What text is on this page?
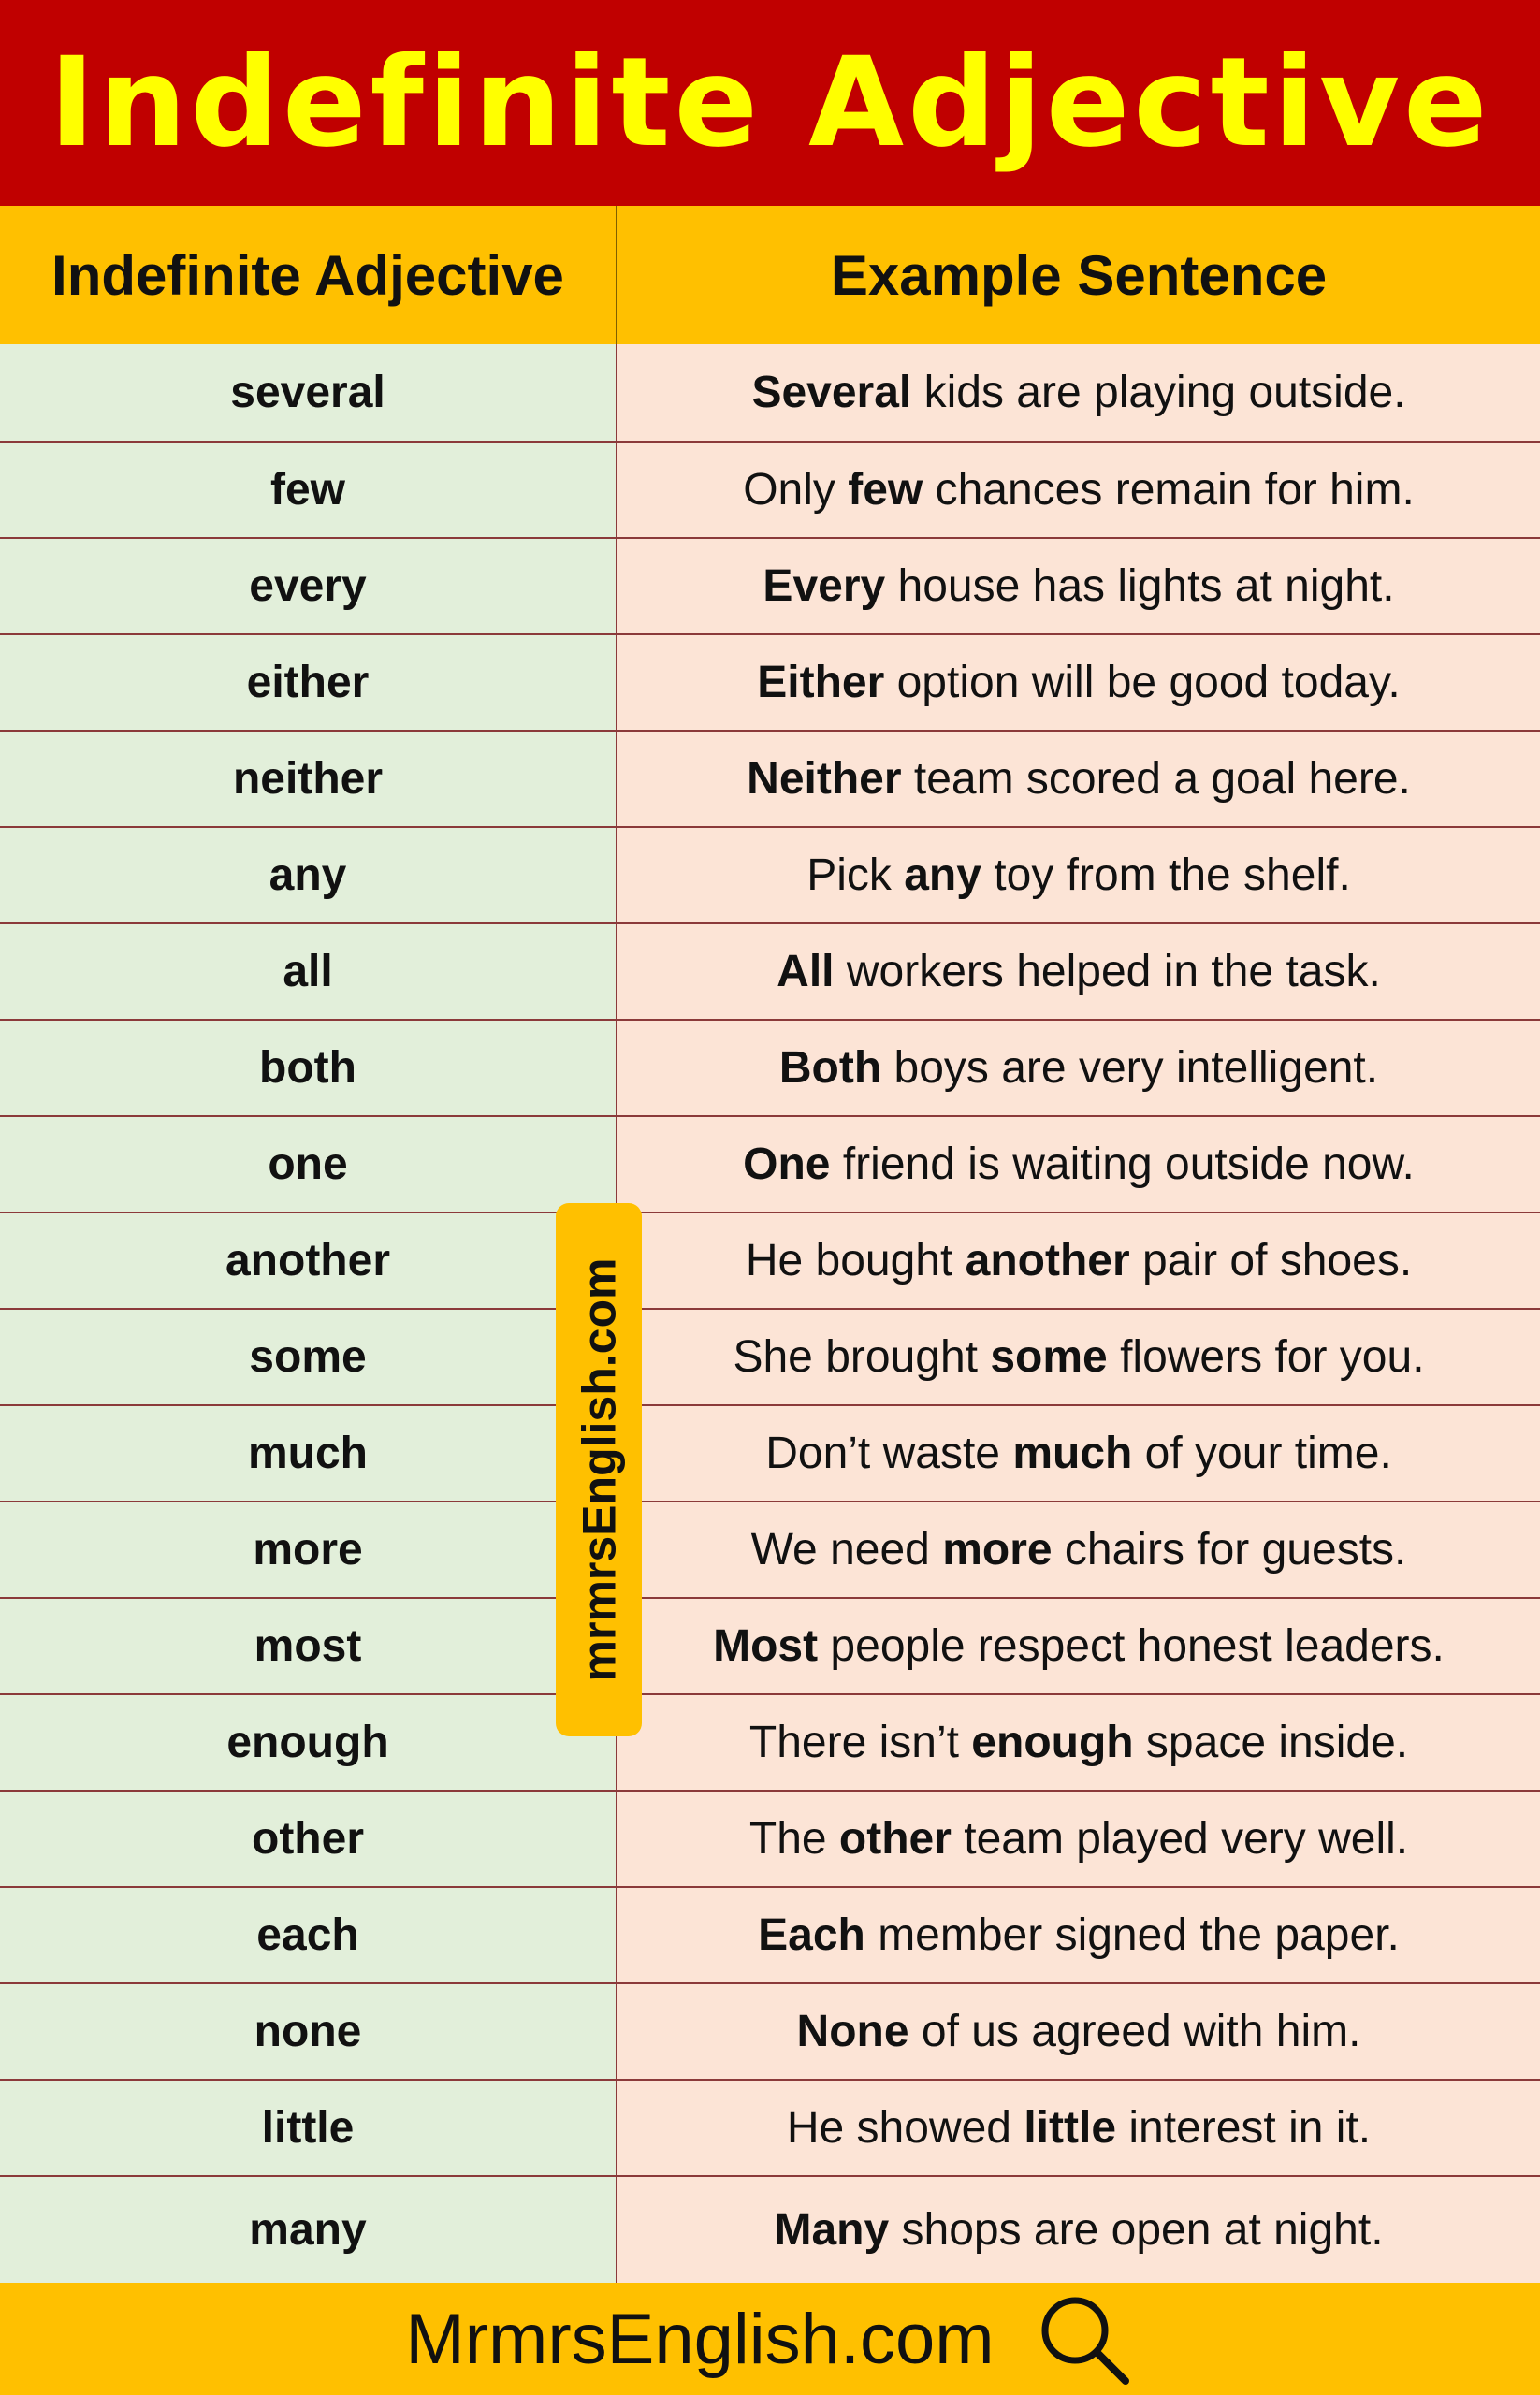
Indefinite Adjective
Indefinite Adjective	Example Sentence
several	Several kids are playing outside.
few	Only few chances remain for him.
every	Every house has lights at night.
either	Either option will be good today.
neither	Neither team scored a goal here.
any	Pick any toy from the shelf.
all	All workers helped in the task.
both	Both boys are very intelligent.
one	One friend is waiting outside now.
another	He bought another pair of shoes.
some	She brought some flowers for you.
much	Don’t waste much of your time.
more	We need more chairs for guests.
most	Most people respect honest leaders.
enough	There isn’t enough space inside.
other	The other team played very well.
each	Each member signed the paper.
none	None of us agreed with him.
little	He showed little interest in it.
many	Many shops are open at night.
mrmrsEnglish.com
MrmrsEnglish.com
